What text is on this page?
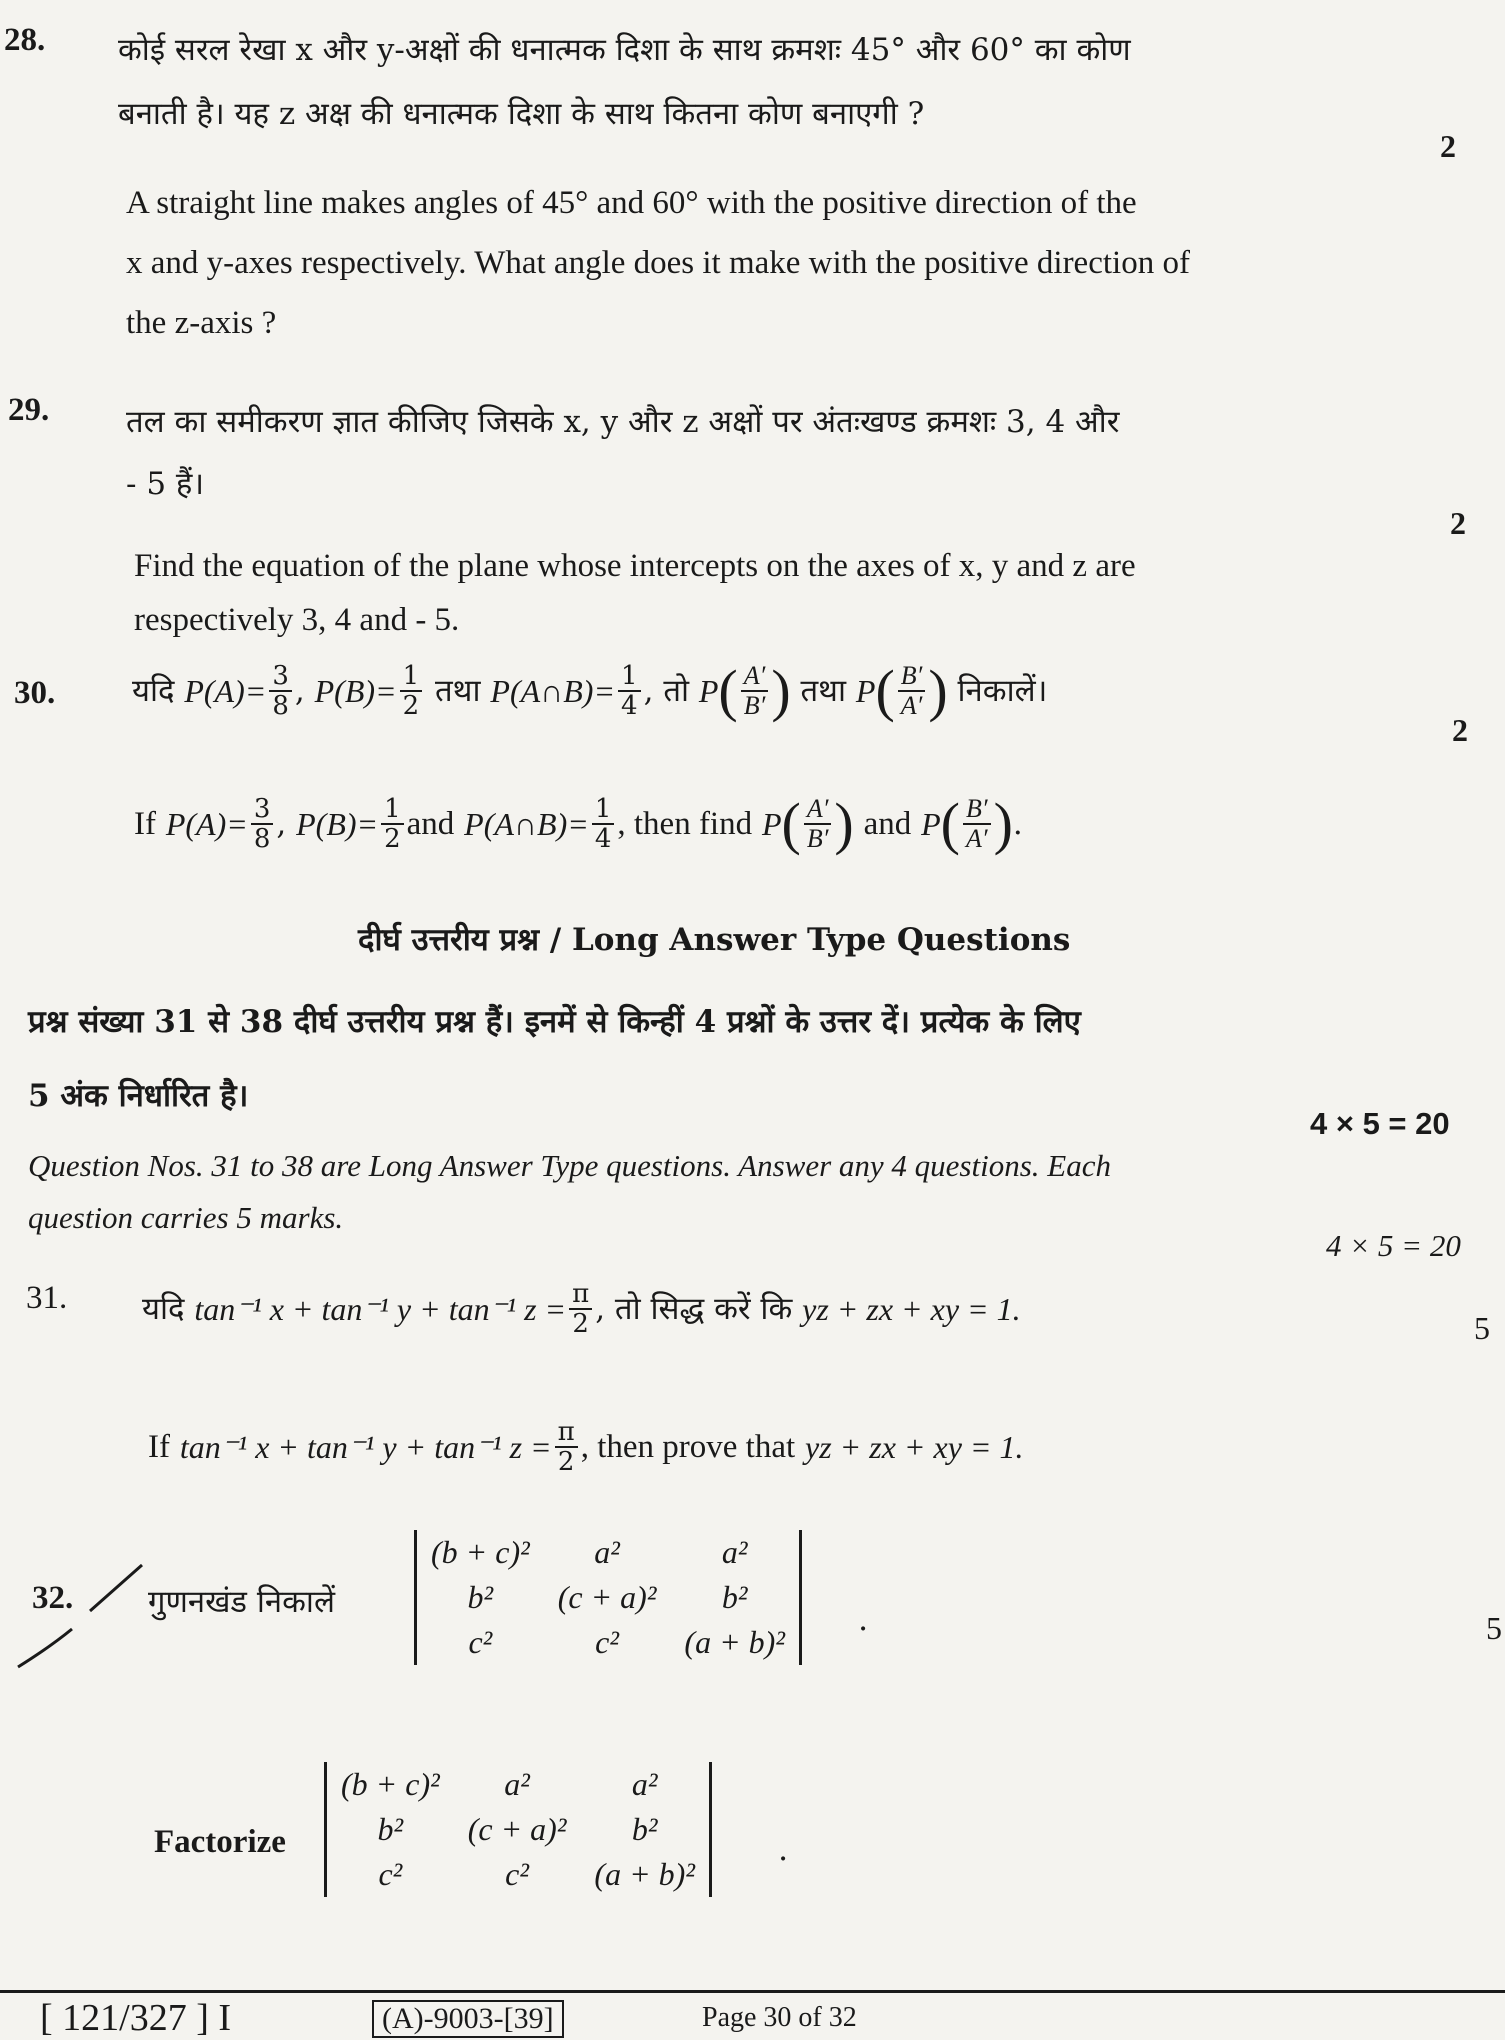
28. कोई सरल रेखा x और y-अक्षों की धनात्मक दिशा के साथ क्रमशः 45° और 60° का कोण
बनाती है। यह z अक्ष की धनात्मक दिशा के साथ कितना कोण बनाएगी ?
2
A straight line makes angles of 45° and 60° with the positive direction of the
x and y-axes respectively. What angle does it make with the positive direction of
the z-axis ?
29. तल का समीकरण ज्ञात कीजिए जिसके x, y और z अक्षों पर अंतःखण्ड क्रमशः 3, 4 और
- 5 हैं।
2
Find the equation of the plane whose intercepts on the axes of x, y and z are
respectively 3, 4 and - 5.
30. यदि
$P(A)= \frac{3}{8}$ , $P(B)= \frac{1}{2}$
तथा
P(A∩B)= $\frac{1}{4}$ , तो
P ( $\frac{A'}{B'}$ )
तथा
P ( $\frac{B'}{A'}$ )
निकालें।
2
If
$P(A)= \frac{3}{8}$ , $P(B)= \frac{1}{2}$ and
P(A∩B)= $\frac{1}{4}$ , then find
P ( $\frac{A'}{B'}$ )
and
P ( $\frac{B'}{A'}$ ) .
दीर्घ उत्तरीय प्रश्न / Long Answer Type Questions
प्रश्न संख्या 31 से 38 दीर्घ उत्तरीय प्रश्न हैं। इनमें से किन्हीं 4 प्रश्नों के उत्तर दें। प्रत्येक के लिए
5 अंक निर्धारित है।
4 × 5 = 20
Question Nos. 31 to 38 are Long Answer Type questions. Answer any 4 questions. Each
question carries 5 marks.
4 × 5 = 20
31. यदि
tan⁻¹ x + tan⁻¹ y + tan⁻¹ $z = \frac{\pi}{2}$ , तो सिद्ध करें कि
yz + zx + xy = 1.
5
If
tan⁻¹ x + tan⁻¹ y + tan⁻¹ $z = \frac{\pi}{2}$ , then prove that
yz + zx + xy = 1.
32. गुणनखंड निकालें
(b + c)²	a²	a²
b²	(c + a)²	b²
c²	c²	(a + b)²
.	5
Factorize
(b + c)²	a²	a²
b²	(c + a)²	b²
c²	c²	(a + b)²
.
[ 121/327 ] I	(A)-9003-[39]	Page 30 of 32
